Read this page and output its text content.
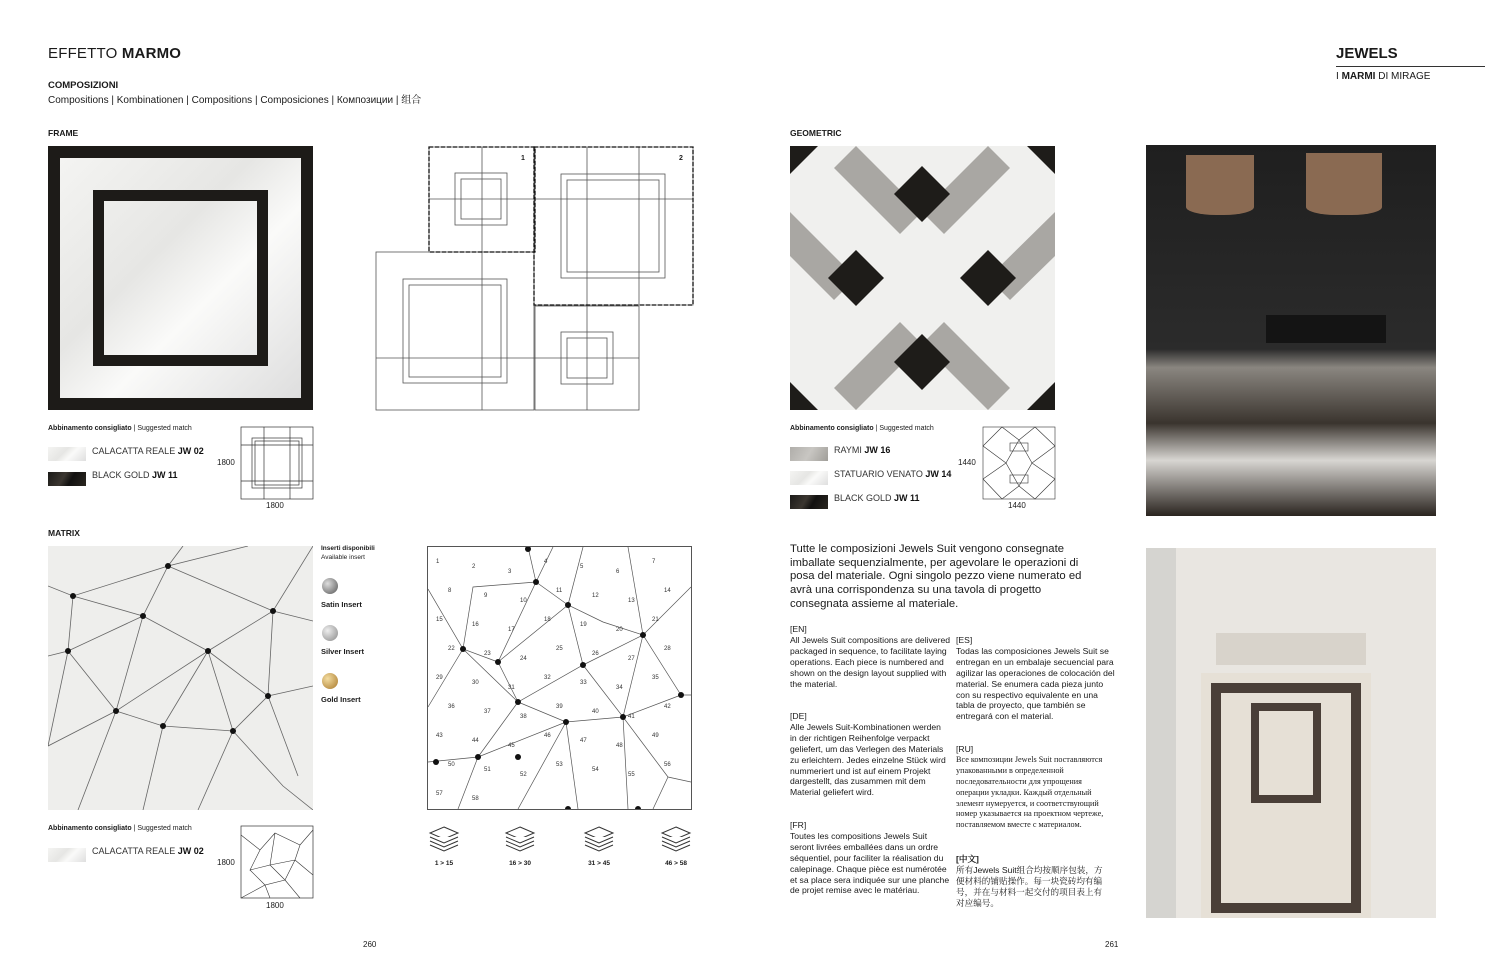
EFFETTO MARMO
COMPOSIZIONI
Compositions | Kombinationen | Compositions | Composiciones | Композиции | 组合
FRAME
1	2
Abbinamento consigliato | Suggested match
CALACATTA REALE JW 02
BLACK GOLD JW 11
1800
1800
MATRIX
Inserti disponibili
Available insert
Satin Insert
Silver Insert
Gold Insert
1
2
3
4
5
6
7
8
9
10
11
12
13
14
15
16
17
18
19
20
21
22
23
24
25
26
27
28
29
30
31
32
33
34
35
36
37
38
39
40
41
42
43
44
45
46
47
48
49
50
51
52
53
54
55
56
57
58
1 > 15	16 > 30	31 > 45	46 > 58
Abbinamento consigliato | Suggested match
CALACATTA REALE JW 02
1800
1800
260
JEWELS
I MARMI DI MIRAGE
GEOMETRIC
Abbinamento consigliato | Suggested match
RAYMI JW 16
STATUARIO VENATO JW 14
BLACK GOLD JW 11
1440
1440
Tutte le composizioni Jewels Suit vengono consegnate imballate sequenzialmente, per agevolare le operazioni di posa del materiale. Ogni singolo pezzo viene numerato ed avrà una corrispondenza su una tavola di progetto consegnata assieme al materiale.
[EN]
All Jewels Suit compositions are delivered packaged in sequence, to facilitate laying operations. Each piece is numbered and shown on the design layout supplied with the material.
[DE]
Alle Jewels Suit-Kombinationen werden in der richtigen Reihenfolge verpackt geliefert, um das Verlegen des Materials zu erleichtern. Jedes einzelne Stück wird nummeriert und ist auf einem Projekt dargestellt, das zusammen mit dem Material geliefert wird.
[FR]
Toutes les compositions Jewels Suit seront livrées emballées dans un ordre séquentiel, pour faciliter la réalisation du calepinage. Chaque pièce est numérotée et sa place sera indiquée sur une planche de projet remise avec le matériau.
[ES]
Todas las composiciones Jewels Suit se entregan en un embalaje secuencial para agilizar las operaciones de colocación del material. Se enumera cada pieza junto con su respectivo equivalente en una tabla de proyecto, que también se entregará con el material.
[RU]
Все композиции Jewels Suit поставляются упакованными в определенной последовательности для упрощения операции укладки. Каждый отдельный элемент нумеруется, и соответствующий номер указывается на проектном чертеже, поставляемом вместе с материалом.
[中文]
所有Jewels Suit组合均按顺序包装，方便材料的铺贴操作。每一块瓷砖均有编号，并在与材料一起交付的项目表上有对应编号。
261
